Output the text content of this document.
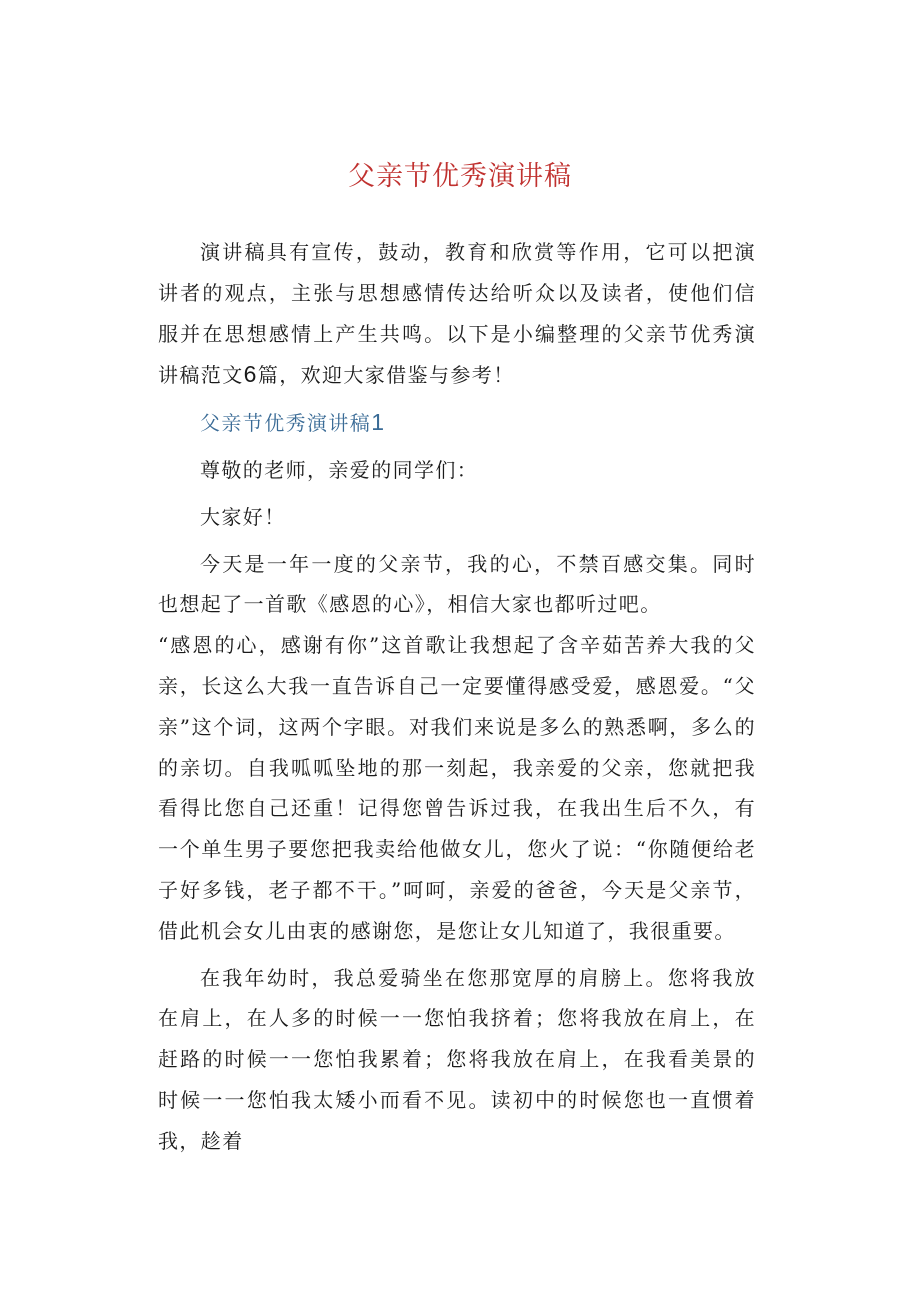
父亲节优秀演讲稿

演讲稿具有宣传，鼓动，教育和欣赏等作用，它可以把演讲者的观点，主张与思想感情传达给听众以及读者，使他们信服并在思想感情上产生共鸣。以下是小编整理的父亲节优秀演讲稿范文6篇，欢迎大家借鉴与参考！

父亲节优秀演讲稿1

尊敬的老师，亲爱的同学们：

大家好！

今天是一年一度的父亲节，我的心，不禁百感交集。同时也想起了一首歌《感恩的心》，相信大家也都听过吧。

“感恩的心，感谢有你”这首歌让我想起了含辛茹苦养大我的父亲，长这么大我一直告诉自己一定要懂得感受爱，感恩爱。“父亲”这个词，这两个字眼。对我们来说是多么的熟悉啊，多么的的亲切。自我呱呱坠地的那一刻起，我亲爱的父亲，您就把我看得比您自己还重！记得您曾告诉过我，在我出生后不久，有一个单生男子要您把我卖给他做女儿，您火了说：“你随便给老子好多钱，老子都不干。”呵呵，亲爱的爸爸，今天是父亲节，借此机会女儿由衷的感谢您，是您让女儿知道了，我很重要。

在我年幼时，我总爱骑坐在您那宽厚的肩膀上。您将我放在肩上，在人多的时候一一您怕我挤着；您将我放在肩上，在赶路的时候一一您怕我累着；您将我放在肩上，在我看美景的时候一一您怕我太矮小而看不见。读初中的时候您也一直惯着我，趁着
